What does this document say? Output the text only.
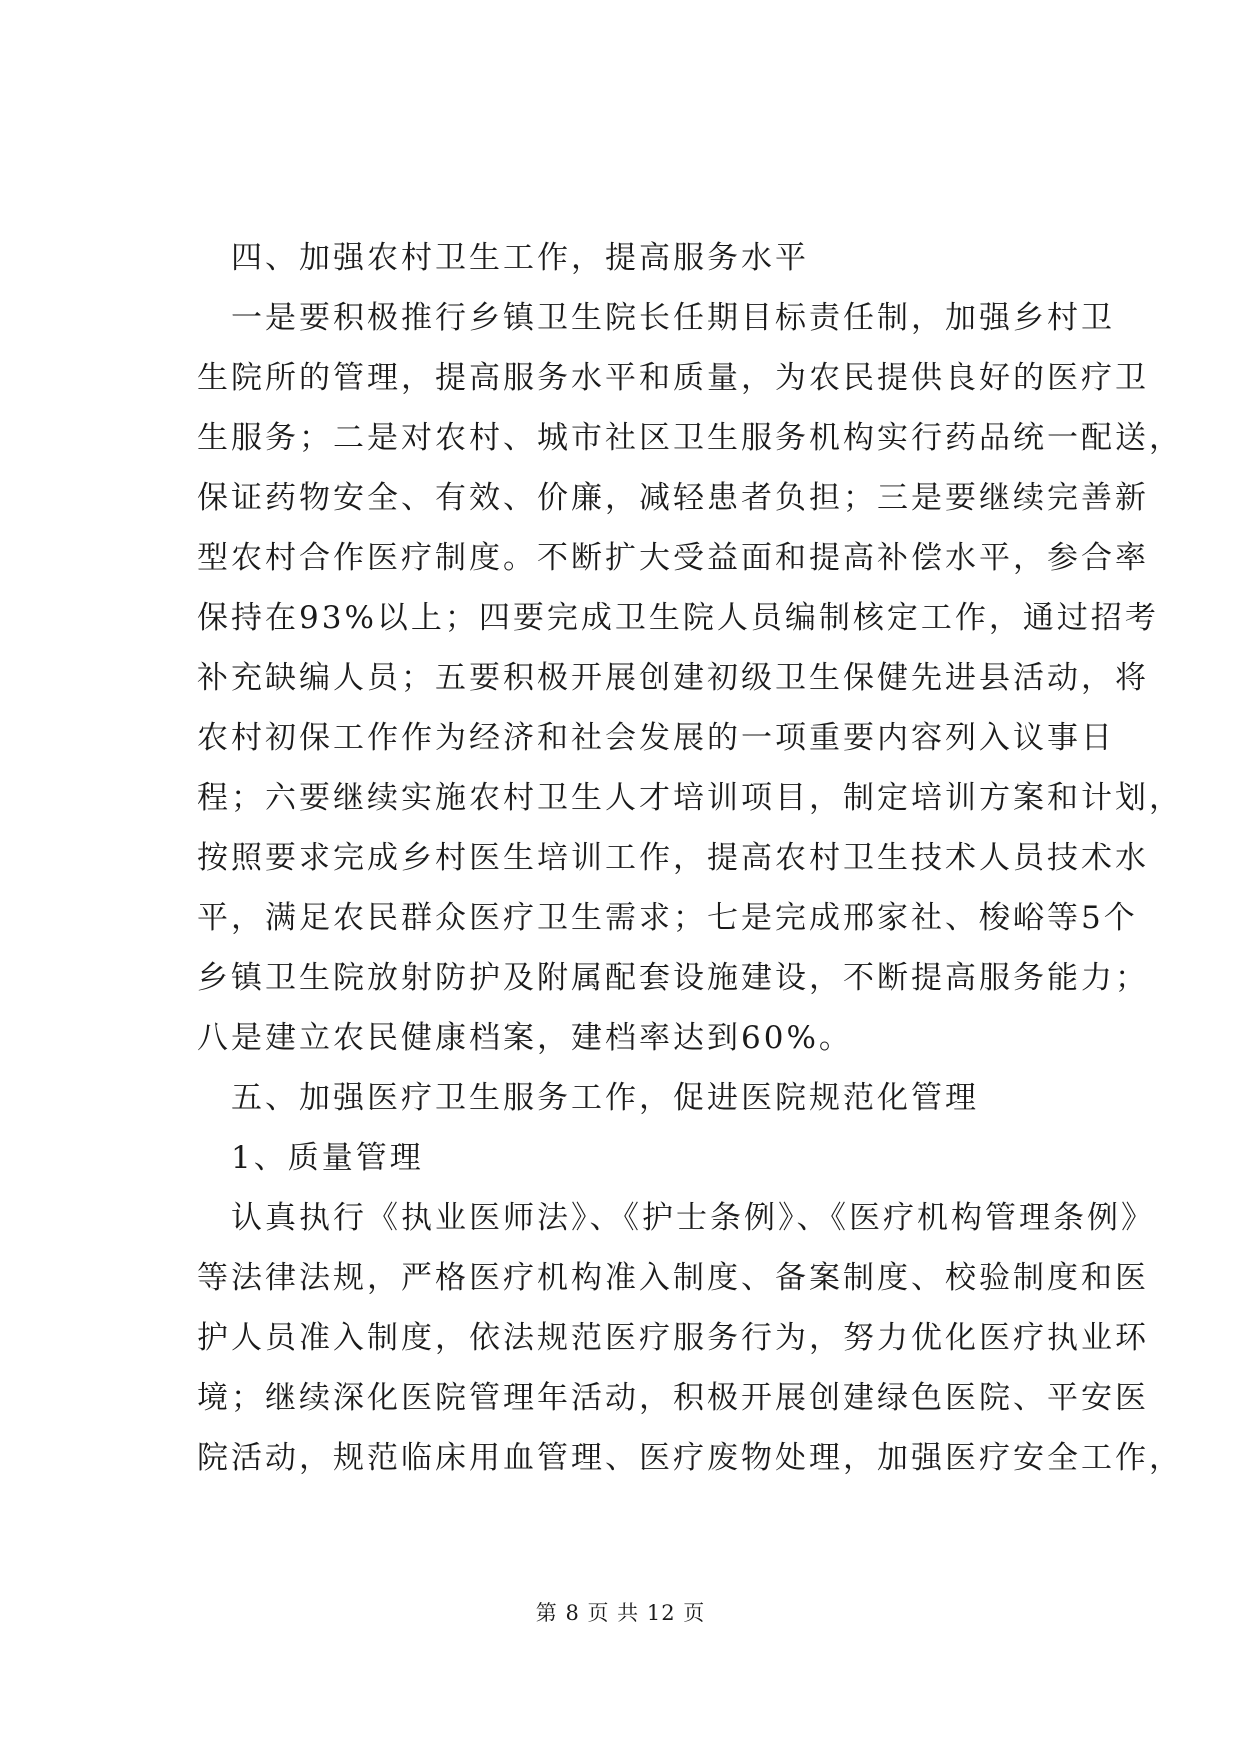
四、加强农村卫生工作，提高服务水平
一是要积极推行乡镇卫生院长任期目标责任制，加强乡村卫
生院所的管理，提高服务水平和质量，为农民提供良好的医疗卫
生服务；二是对农村、城市社区卫生服务机构实行药品统一配送，
保证药物安全、有效、价廉，减轻患者负担；三是要继续完善新
型农村合作医疗制度。不断扩大受益面和提高补偿水平，参合率
保持在93%以上；四要完成卫生院人员编制核定工作，通过招考
补充缺编人员；五要积极开展创建初级卫生保健先进县活动，将
农村初保工作作为经济和社会发展的一项重要内容列入议事日
程；六要继续实施农村卫生人才培训项目，制定培训方案和计划，
按照要求完成乡村医生培训工作，提高农村卫生技术人员技术水
平，满足农民群众医疗卫生需求；七是完成邢家社、梭峪等5个
乡镇卫生院放射防护及附属配套设施建设，不断提高服务能力；
八是建立农民健康档案，建档率达到60%。
五、加强医疗卫生服务工作，促进医院规范化管理
1、质量管理
认真执行《执业医师法》、《护士条例》、《医疗机构管理条例》
等法律法规，严格医疗机构准入制度、备案制度、校验制度和医
护人员准入制度，依法规范医疗服务行为，努力优化医疗执业环
境；继续深化医院管理年活动，积极开展创建绿色医院、平安医
院活动，规范临床用血管理、医疗废物处理，加强医疗安全工作，
第 8 页 共 12 页
